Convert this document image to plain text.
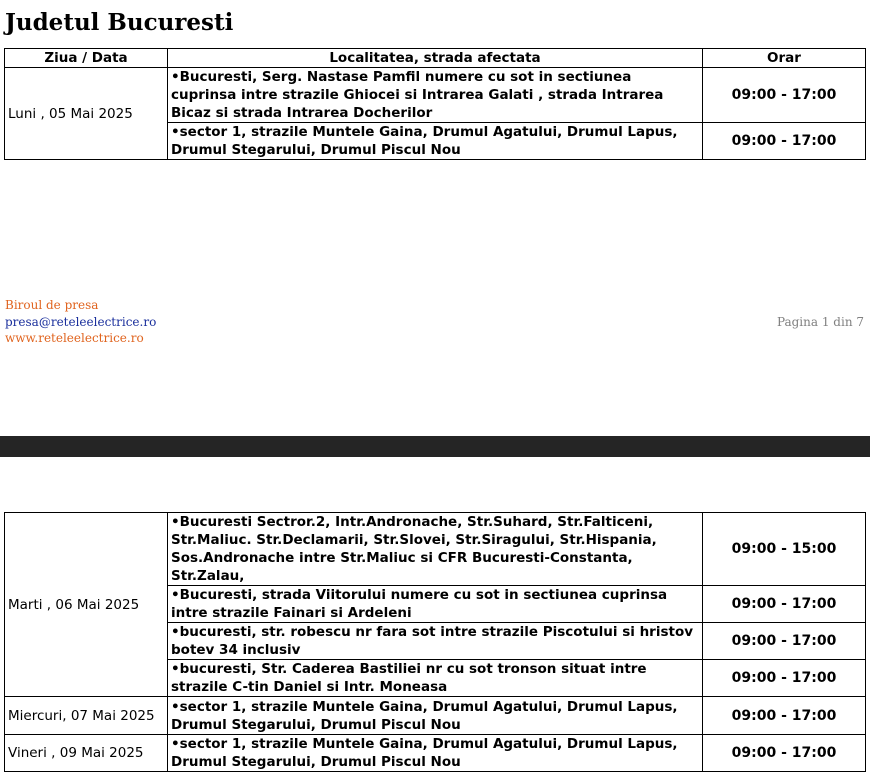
Judetul Bucuresti
Ziua / Data	Localitatea, strada afectata	Orar
Luni , 05 Mai 2025	•Bucuresti, Serg. Nastase Pamfil numere cu sot in sectiunea cuprinsa intre strazile Ghiocei si Intrarea Galati , strada Intrarea Bicaz si strada Intrarea Docherilor	09:00 - 17:00
	•sector 1, strazile Muntele Gaina, Drumul Agatului, Drumul Lapus, Drumul Stegarului, Drumul Piscul Nou	09:00 - 17:00
Biroul de presa
presa@reteleelectrice.ro
www.reteleelectrice.ro
Pagina 1 din 7
Marti , 06 Mai 2025	•Bucuresti Sectror.2, Intr.Andronache, Str.Suhard, Str.Falticeni, Str.Maliuc. Str.Declamarii, Str.Slovei, Str.Siragului, Str.Hispania, Sos.Andronache intre Str.Maliuc si CFR Bucuresti-Constanta, Str.Zalau,	09:00 - 15:00
	•Bucuresti, strada Viitorului numere cu sot in sectiunea cuprinsa intre strazile Fainari si Ardeleni	09:00 - 17:00
	•bucuresti, str. robescu nr fara sot intre strazile Piscotului si hristov botev 34 inclusiv	09:00 - 17:00
	•bucuresti, Str. Caderea Bastiliei nr cu sot tronson situat intre strazile C-tin Daniel si Intr. Moneasa	09:00 - 17:00
Miercuri, 07 Mai 2025	•sector 1, strazile Muntele Gaina, Drumul Agatului, Drumul Lapus, Drumul Stegarului, Drumul Piscul Nou	09:00 - 17:00
Vineri , 09 Mai 2025	•sector 1, strazile Muntele Gaina, Drumul Agatului, Drumul Lapus, Drumul Stegarului, Drumul Piscul Nou	09:00 - 17:00
